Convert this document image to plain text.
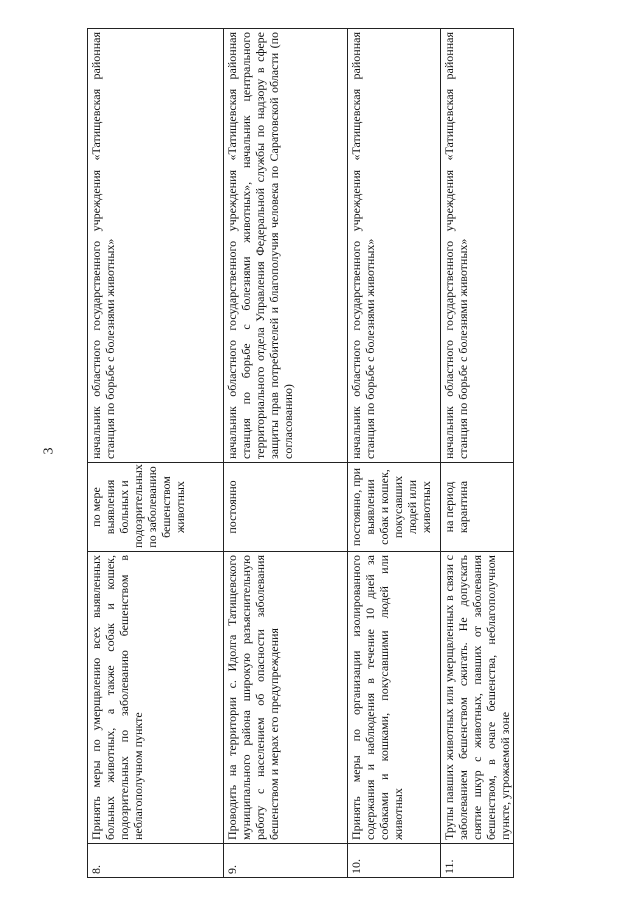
3
8.	Принять меры по умерщвлению всех выявленных больных животных, а также собак и кошек, подозрительных по заболеванию бешенством в неблагополучном пункте	по мере выявления больных и подозрительных по заболеванию бешенством животных	начальник областного государственного учреждения «Татищевская районная станция по борьбе с болезнями животных»
9.	Проводить на территории с. Идолга Татищевского муниципального района широкую разъяснительную работу с населением об опасности заболевания бешенством и мерах его предупреждения	постоянно	начальник областного государственного учреждения «Татищевская районная станция по борьбе с болезнями животных», начальник центрального территориального отдела Управления Федеральной службы по надзору в сфере защиты прав потребителей и благополучия человека по Саратовской области (по согласованию)
10.	Принять меры по организации изолированного содержания и наблюдения в течение 10 дней за собаками и кошками, покусавшими людей или животных	постоянно, при выявлении собак и кошек, покусавших людей или животных	начальник областного государственного учреждения «Татищевская районная станция по борьбе с болезнями животных»
11.	Трупы павших животных или умерщвленных в связи с заболеванием бешенством сжигать. Не допускать снятие шкур с животных, павших от заболевания бешенством, в очаге бешенства, неблагополучном пункте, угрожаемой зоне	на период карантина	начальник областного государственного учреждения «Татищевская районная станция по борьбе с болезнями животных»
